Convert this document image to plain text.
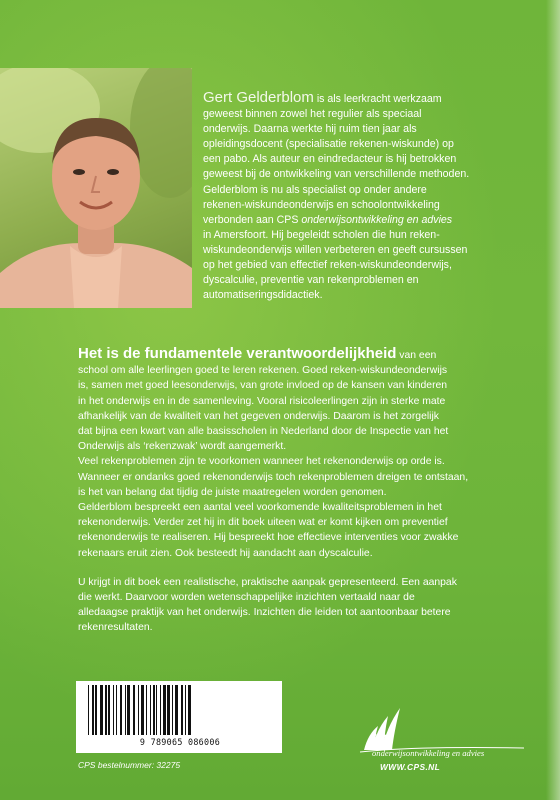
Gert Gelderblom is als leerkracht werkzaam
geweest binnen zowel het regulier als speciaal
onderwijs. Daarna werkte hij ruim tien jaar als
opleidingsdocent (specialisatie rekenen-wiskunde) op
een pabo. Als auteur en eindredacteur is hij betrokken
geweest bij de ontwikkeling van verschillende methoden.
Gelderblom is nu als specialist op onder andere
rekenen-wiskundeonderwijs en schoolontwikkeling
verbonden aan CPS onderwijsontwikkeling en advies
in Amersfoort. Hij begeleidt scholen die hun reken-
wiskundeonderwijs willen verbeteren en geeft cursussen
op het gebied van effectief reken-wiskundeonderwijs,
dyscalculie, preventie van rekenproblemen en
automatiseringsdidactiek.

Het is de fundamentele verantwoordelijkheid van een

school om alle leerlingen goed te leren rekenen. Goed reken-wiskundeonderwijs

is, samen met goed leesonderwijs, van grote invloed op de kansen van kinderen

in het onderwijs en in de samenleving. Vooral risicoleerlingen zijn in sterke mate

afhankelijk van de kwaliteit van het gegeven onderwijs. Daarom is het zorgelijk

dat bijna een kwart van alle basisscholen in Nederland door de Inspectie van het

Onderwijs als ‘rekenzwak’ wordt aangemerkt.

Veel rekenproblemen zijn te voorkomen wanneer het rekenonderwijs op orde is.

Wanneer er ondanks goed rekenonderwijs toch rekenproblemen dreigen te ontstaan,

is het van belang dat tijdig de juiste maatregelen worden genomen.

Gelderblom bespreekt een aantal veel voorkomende kwaliteitsproblemen in het

rekenonderwijs. Verder zet hij in dit boek uiteen wat er komt kijken om preventief

rekenonderwijs te realiseren. Hij bespreekt hoe effectieve interventies voor zwakke

rekenaars eruit zien. Ook besteedt hij aandacht aan dyscalculie.

U krijgt in dit boek een realistische, praktische aanpak gepresenteerd. Een aanpak

die werkt. Daarvoor worden wetenschappelijke inzichten vertaald naar de

alledaagse praktijk van het onderwijs. Inzichten die leiden tot aantoonbaar betere

rekenresultaten.

9 789065 086006
CPS bestelnummer: 32275
cps
onderwijsontwikkeling en advies
WWW.CPS.NL
